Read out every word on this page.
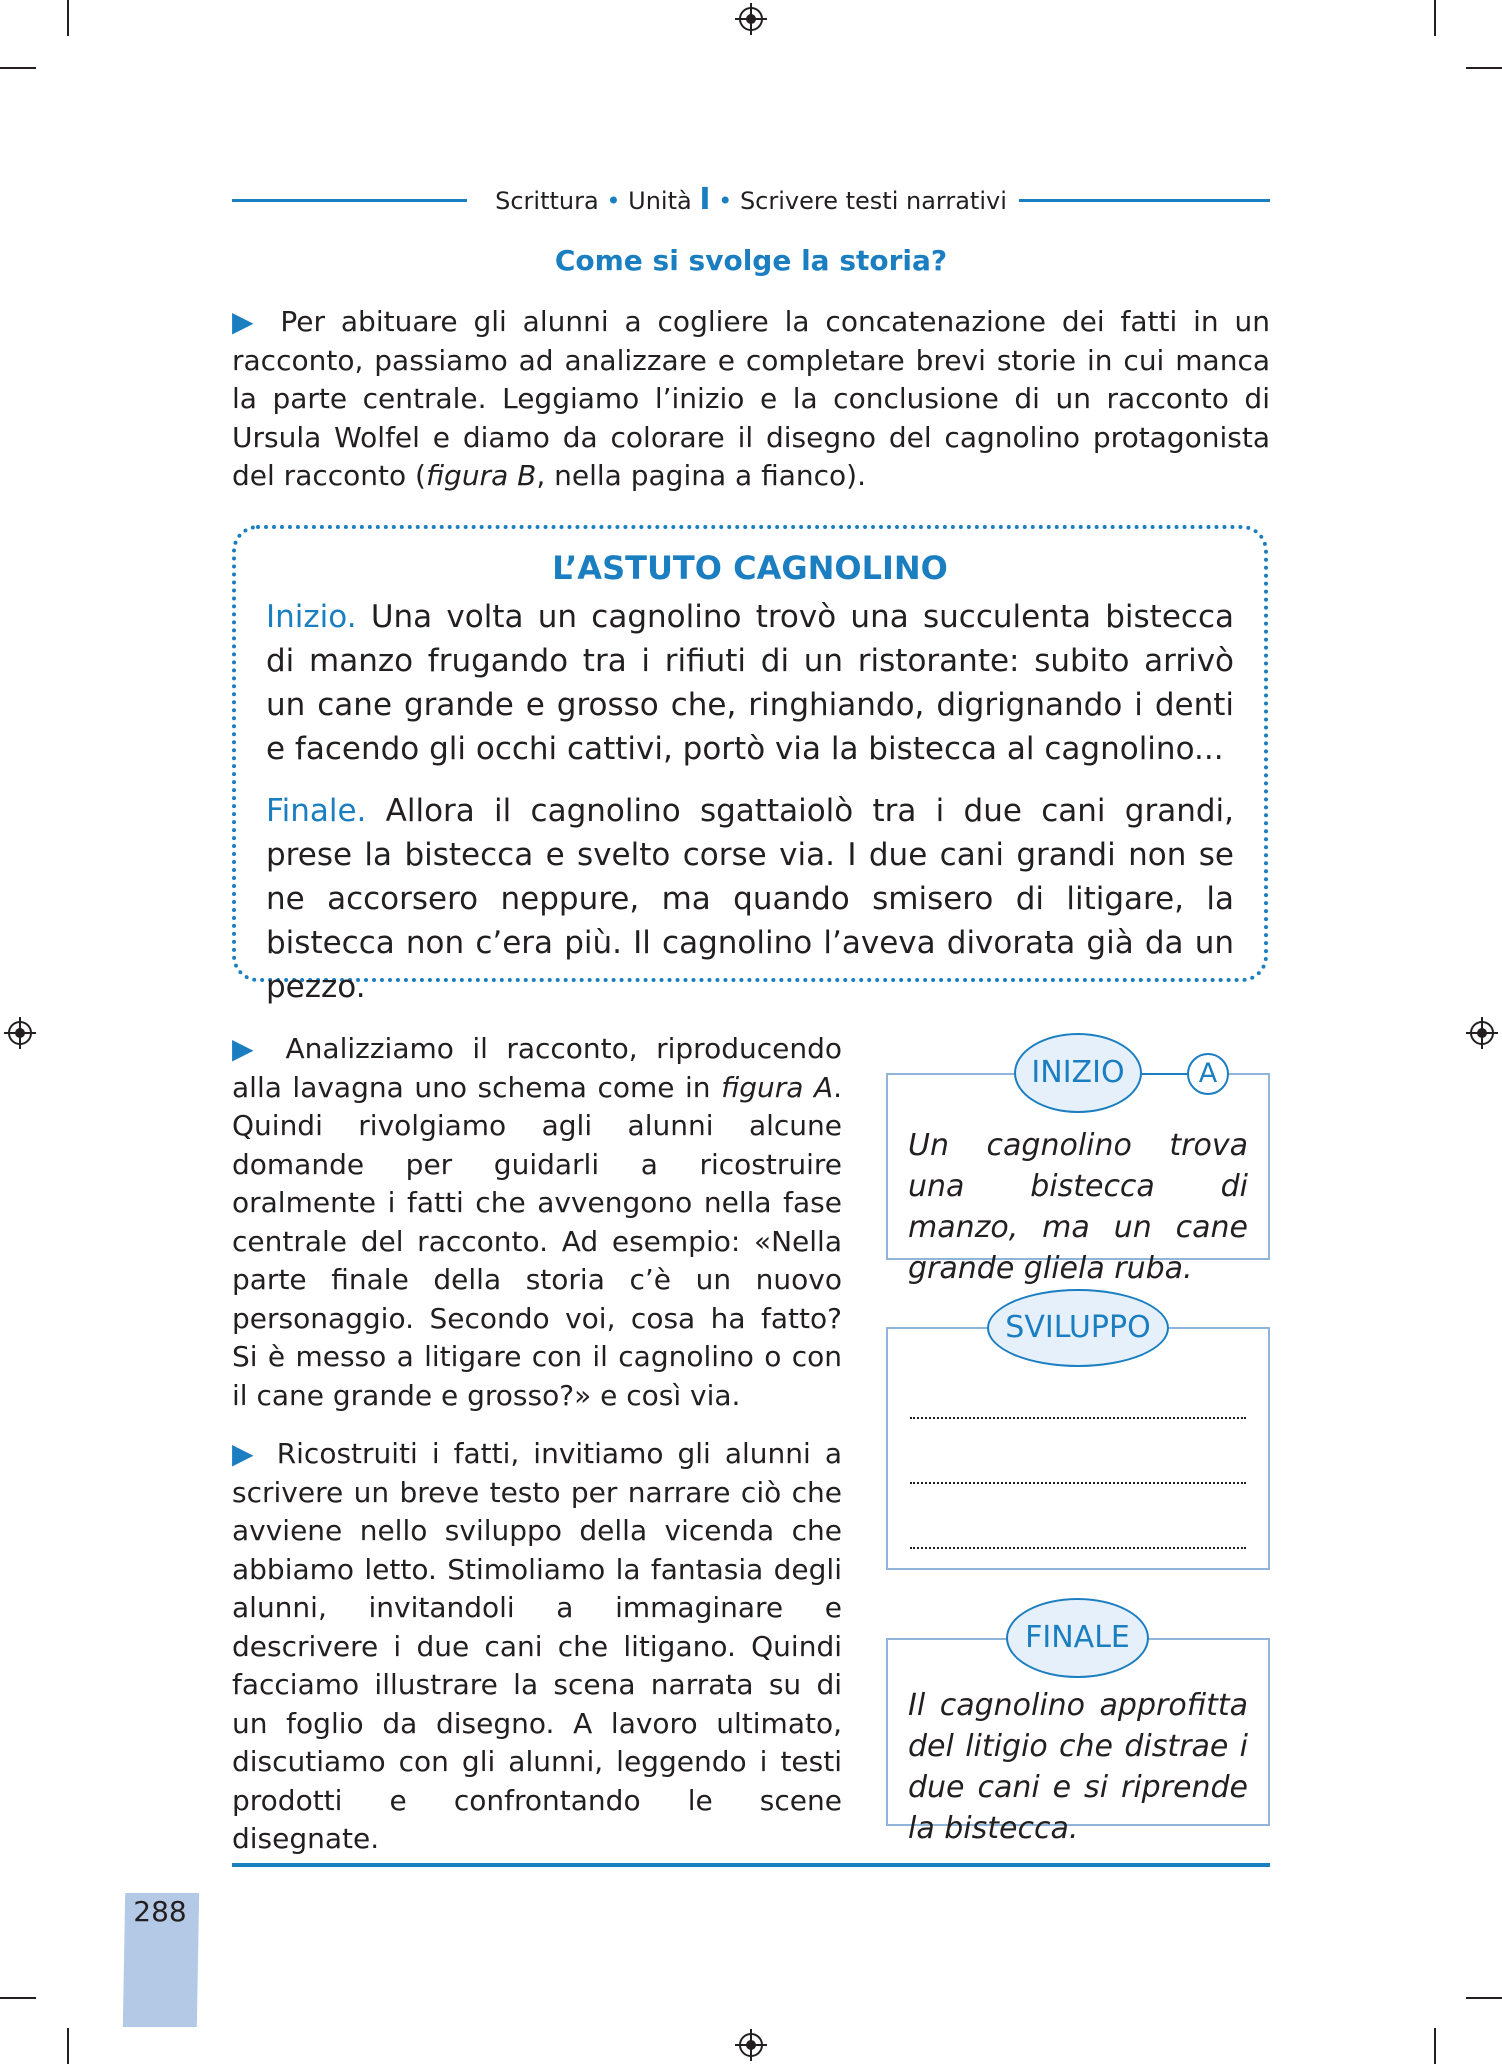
Scrittura • Unità I • Scrivere testi narrativi
Come si svolge la storia?
▶ Per abituare gli alunni a cogliere la concatenazione dei fatti in un racconto, passiamo ad analizzare e completare brevi storie in cui manca la parte centrale. Leggiamo l’inizio e la conclusione di un racconto di Ursula Wolfel e diamo da colorare il disegno del cagnolino protagonista del racconto (figura B, nella pagina a fianco).
L’ASTUTO CAGNOLINO
Inizio. Una volta un cagnolino trovò una succulenta bistecca di manzo frugando tra i rifiuti di un ristorante: subito arrivò un cane grande e grosso che, ringhiando, digrignando i denti e facendo gli occhi cattivi, portò via la bistecca al cagnolino...
Finale. Allora il cagnolino sgattaiolò tra i due cani grandi, prese la bistecca e svelto corse via. I due cani grandi non se ne accorsero neppure, ma quando smisero di litigare, la bistecca non c’era più. Il cagnolino l’aveva divorata già da un pezzo.
▶ Analizziamo il racconto, riproducendo alla lavagna uno schema come in figura A. Quindi rivolgiamo agli alunni alcune domande per guidarli a ricostruire oralmente i fatti che avvengono nella fase centrale del racconto. Ad esempio: «Nella parte finale della storia c’è un nuovo personaggio. Secondo voi, cosa ha fatto? Si è messo a litigare con il cagnolino o con il cane grande e grosso?» e così via.
▶ Ricostruiti i fatti, invitiamo gli alunni a scrivere un breve testo per narrare ciò che avviene nello sviluppo della vicenda che abbiamo letto. Stimoliamo la fantasia degli alunni, invitandoli a immaginare e descrivere i due cani che litigano. Quindi facciamo illustrare la scena narrata su di un foglio da disegno. A lavoro ultimato, discutiamo con gli alunni, leggendo i testi prodotti e confrontando le scene disegnate.
Un cagnolino trova una bistecca di manzo, ma un cane grande gliela ruba.
INIZIO	A
SVILUPPO
Il cagnolino approfitta del litigio che distrae i due cani e si riprende la bistecca.
FINALE
288
